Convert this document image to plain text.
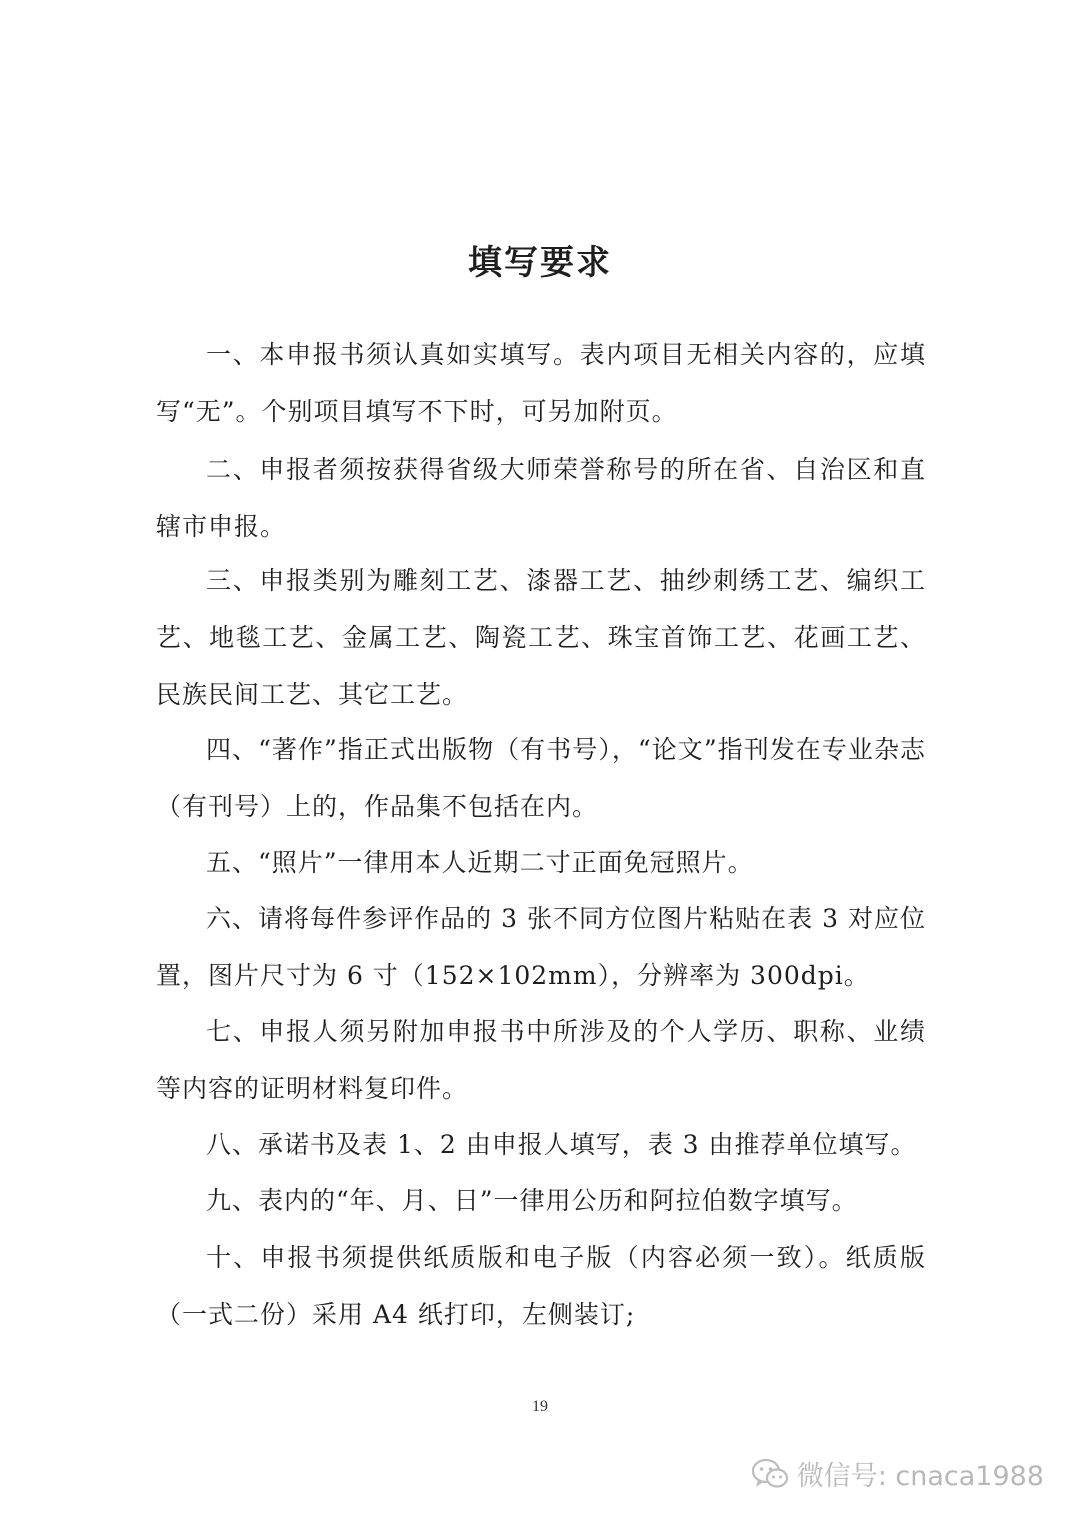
填写要求

一、本申报书须认真如实填写。表内项目无相关内容的，应填写“无”。个别项目填写不下时，可另加附页。

二、申报者须按获得省级大师荣誉称号的所在省、自治区和直辖市申报。

三、申报类别为雕刻工艺、漆器工艺、抽纱刺绣工艺、编织工艺、地毯工艺、金属工艺、陶瓷工艺、珠宝首饰工艺、花画工艺、民族民间工艺、其它工艺。

四、“著作”指正式出版物（有书号），“论文”指刊发在专业杂志（有刊号）上的，作品集不包括在内。

五、“照片”一律用本人近期二寸正面免冠照片。

六、请将每件参评作品的 3 张不同方位图片粘贴在表 3 对应位置，图片尺寸为 6 寸（152×102mm），分辨率为 300dpi。

七、申报人须另附加申报书中所涉及的个人学历、职称、业绩等内容的证明材料复印件。

八、承诺书及表 1、2 由申报人填写，表 3 由推荐单位填写。

九、表内的“年、月、日”一律用公历和阿拉伯数字填写。

十、申报书须提供纸质版和电子版（内容必须一致）。纸质版（一式二份）采用 A4 纸打印，左侧装订;

19
微信号: cnaca1988
